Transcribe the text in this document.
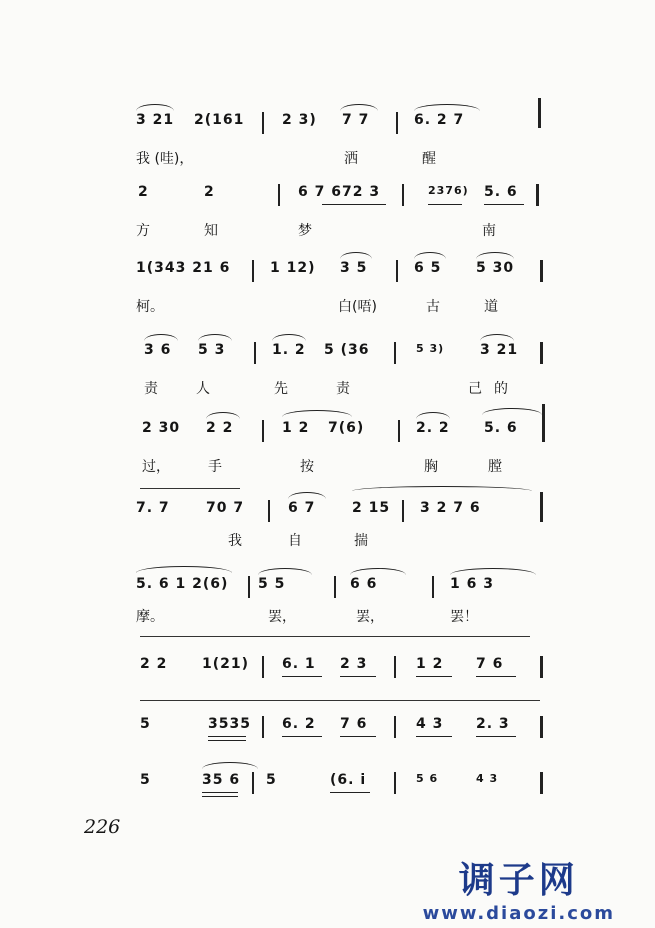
3 21 2(161	2 3) 7 7	6. 2 7
我 (哇)，	洒	醒
2	2	6 7 672 3	2376) 5. 6
方	知	梦	南
1(343 21 6	1 12) 3 5	6 5 5 30
柯。	白(唔)	古	道
3 6 5 3	1. 2 5 (36	5 3)	3 21
责	人	先	责	己 的
2 30 2 2	1 2 7(6)	2. 2 5. 6
过，	手	按	胸	膛
7. 7	70 7	6 7	2 15 3 2 7 6
我	自	揣
5. 6 1 2(6) 5 5	6 6	1 6 3
摩。	罢，	罢，	罢！
2 2 1(21) 6. 1 2 3	1 2 7 6
5	3535 6. 2 7 6	4 3 2. 3
5	35 6 5	(6. i	5 6	4 3
226
调子网
www.diaozi.com
